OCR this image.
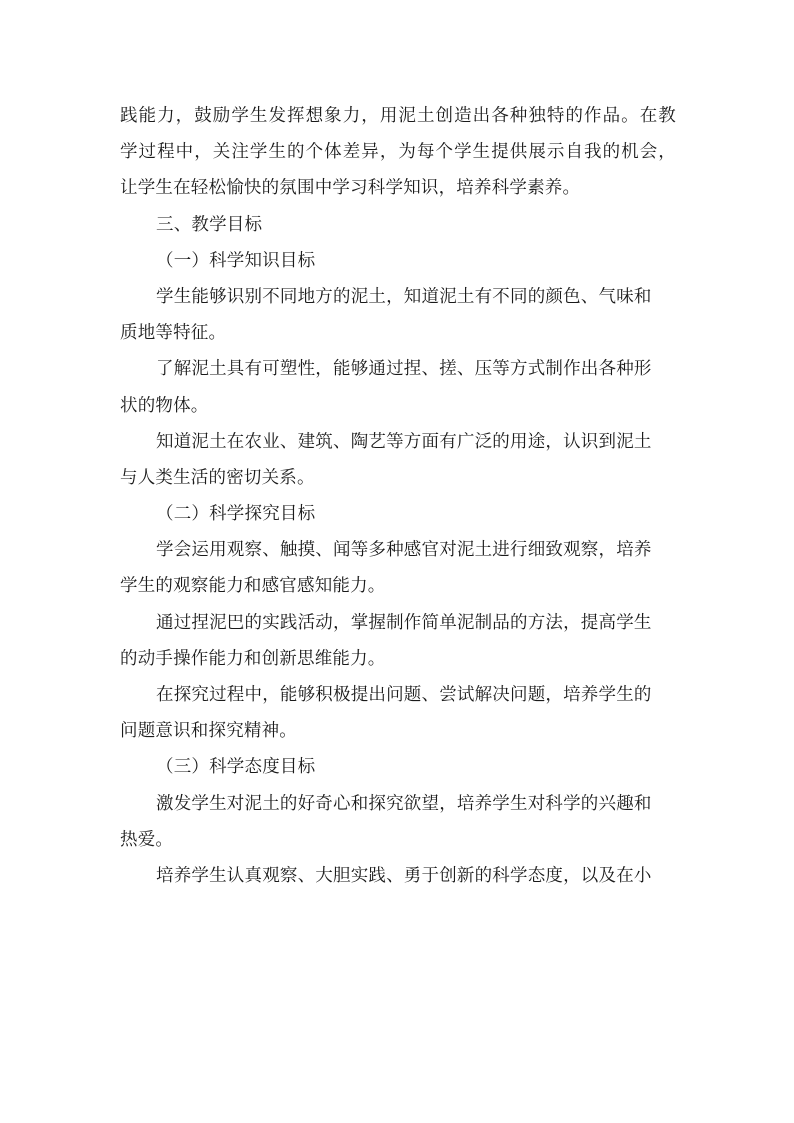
践能力，鼓励学生发挥想象力，用泥土创造出各种独特的作品。在教
学过程中，关注学生的个体差异，为每个学生提供展示自我的机会，
让学生在轻松愉快的氛围中学习科学知识，培养科学素养。
三、教学目标
（一）科学知识目标
学生能够识别不同地方的泥土，知道泥土有不同的颜色、气味和
质地等特征。
了解泥土具有可塑性，能够通过捏、搓、压等方式制作出各种形
状的物体。
知道泥土在农业、建筑、陶艺等方面有广泛的用途，认识到泥土
与人类生活的密切关系。
（二）科学探究目标
学会运用观察、触摸、闻等多种感官对泥土进行细致观察，培养
学生的观察能力和感官感知能力。
通过捏泥巴的实践活动，掌握制作简单泥制品的方法，提高学生
的动手操作能力和创新思维能力。
在探究过程中，能够积极提出问题、尝试解决问题，培养学生的
问题意识和探究精神。
（三）科学态度目标
激发学生对泥土的好奇心和探究欲望，培养学生对科学的兴趣和
热爱。
培养学生认真观察、大胆实践、勇于创新的科学态度，以及在小
